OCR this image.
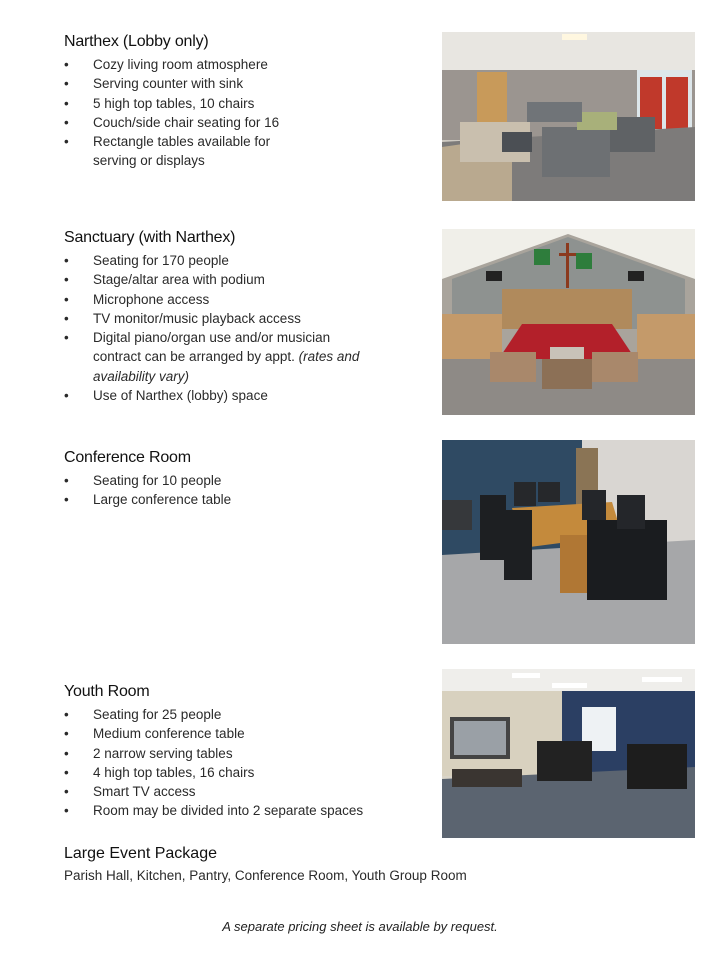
Narthex (Lobby only)
•	Cozy living room atmosphere
•	Serving counter with sink
•	5 high top tables, 10 chairs
•	Couch/side chair seating for 16
•	Rectangle tables available for
serving or displays
Sanctuary (with Narthex)
•	Seating for 170 people
•	Stage/altar area with podium
•	Microphone access
•	TV monitor/music playback access
•	Digital piano/organ use and/or musician
contract can be arranged by appt. (rates and
availability vary)
•	Use of Narthex (lobby) space
Conference Room
•	Seating for 10 people
•	Large conference table
Youth Room
•	Seating for 25 people
•	Medium conference table
•	2 narrow serving tables
•	4 high top tables, 16 chairs
•	Smart TV access
•	Room may be divided into 2 separate spaces
Large Event Package

Parish Hall, Kitchen, Pantry, Conference Room, Youth Group Room

A separate pricing sheet is available by request.
